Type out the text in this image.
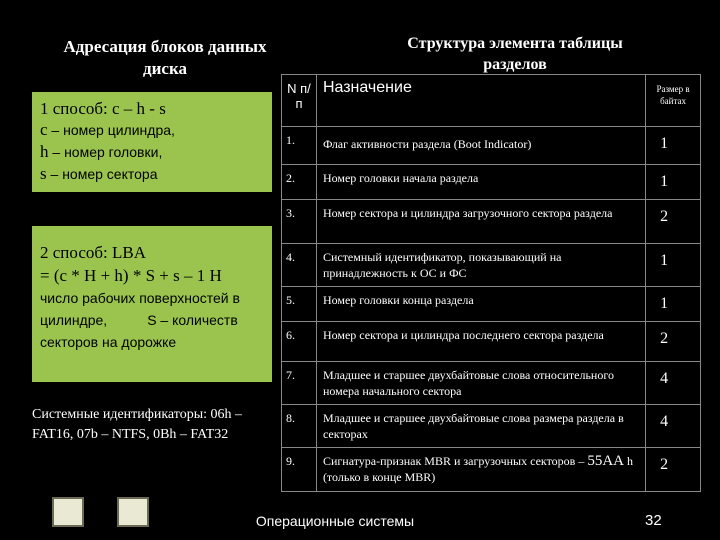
Адресация блоков данных диска
Структура элемента таблицы разделов
1 способ: с – h - s
c – номер цилиндра,
h – номер головки,
s – номер сектора
2 способ: LBA
= (c * H + h) * S + s – 1 H
число рабочих поверхностей в
цилиндре,	S – количеств
секторов на дорожке
Системные идентификаторы: 06h – FAT16, 07b – NTFS, 0Bh – FAT32
N п/п	Назначение	Размер в байтах
1.	Флаг активности раздела (Boot Indicator)	1
2.	Номер головки начала раздела	1
3.	Номер сектора и цилиндра загрузочного сектора раздела	2
4.	Системный идентификатор, показывающий на принадлежность к ОС и ФС	1
5.	Номер головки конца раздела	1
6.	Номер сектора и цилиндра последнего сектора раздела	2
7.	Младшее и старшее двухбайтовые слова относительного номера начального сектора	4
8.	Младшее и старшее двухбайтовые слова размера раздела в секторах	4
9.	Сигнатура-признак MBR и загрузочных секторов – 55AA h (только в конце MBR)	2
Операционные системы	32
